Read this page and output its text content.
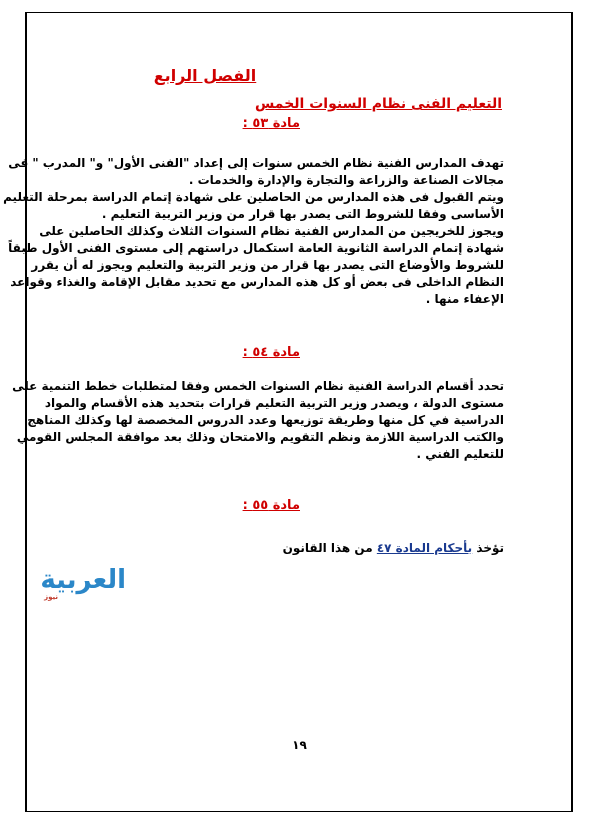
الفصل الرابع
التعليم الفنى نظام السنوات الخمس
مادة ٥٣ :
تهدف المدارس الفنية نظام الخمس سنوات إلى إعداد "الفنى الأول" و" المدرب " فى
مجالات الصناعة والزراعة والتجارة والإدارة والخدمات .
ويتم القبول فى هذه المدارس من الحاصلين على شهادة إتمام الدراسة بمرحلة التعليم
الأساسى وفقا للشروط التى يصدر بها قرار من وزير التربية التعليم .
ويجوز للخريجين من المدارس الفنية نظام السنوات الثلاث وكذلك الحاصلين على
شهادة إتمام الدراسة الثانوية العامة استكمال دراستهم إلى مستوى الفنى الأول طبقاً
للشروط والأوضاع التى يصدر بها قرار من وزير التربية والتعليم ويجوز له أن يقرر
النظام الداخلى فى بعض أو كل هذه المدارس مع تحديد مقابل الإقامة والغذاء وقواعد
الإعفاء منها .
مادة ٥٤ :
تحدد أقسام الدراسة الفنية نظام السنوات الخمس وفقا لمتطلبات خطط التنمية على
مستوى الدولة ، ويصدر وزير التربية التعليم قرارات بتحديد هذه الأقسام والمواد
الدراسية في كل منها وطريقة توزيعها وعدد الدروس المخصصة لها وكذلك المناهج
والكتب الدراسية اللازمة ونظم التقويم والامتحان وذلك بعد موافقة المجلس القومي
للتعليم الفني .
مادة ٥٥ :
تؤخذ بأحكام المادة ٤٧ من هذا القانون
العربية
نيوز
١٩
